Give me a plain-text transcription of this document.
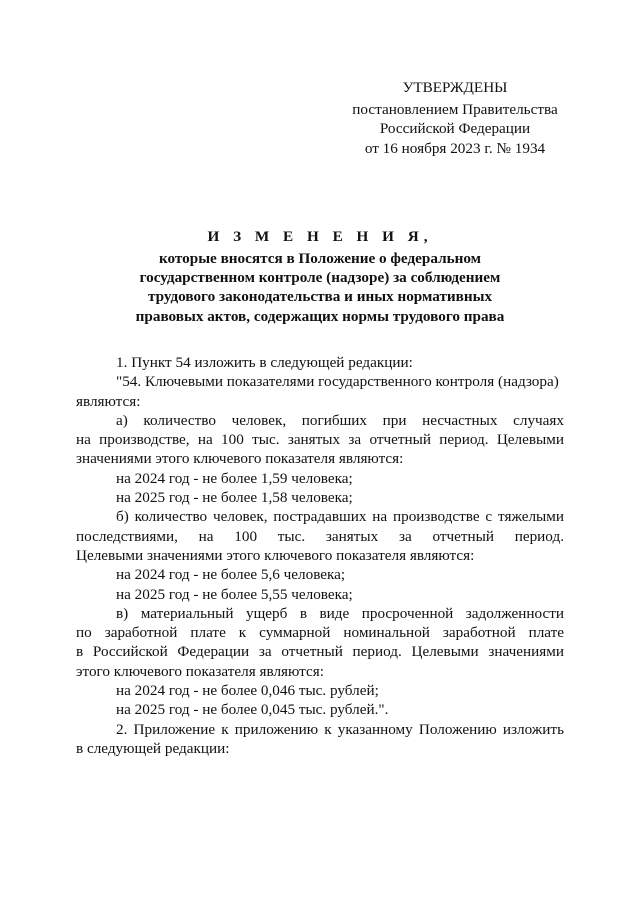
УТВЕРЖДЕНЫ
постановлением Правительства
Российской Федерации
от 16 ноября 2023 г. № 1934
И З М Е Н Е Н И Я,
которые вносятся в Положение о федеральном
государственном контроле (надзоре) за соблюдением
трудового законодательства и иных нормативных
правовых актов, содержащих нормы трудового права
1. Пункт 54 изложить в следующей редакции:
"54. Ключевыми показателями государственного контроля (надзора)
являются:
а) количество человек, погибших при несчастных случаях
на производстве, на 100 тыс. занятых за отчетный период. Целевыми
значениями этого ключевого показателя являются:
на 2024 год - не более 1,59 человека;
на 2025 год - не более 1,58 человека;
б) количество человек, пострадавших на производстве с тяжелыми
последствиями, на 100 тыс. занятых за отчетный период.
Целевыми значениями этого ключевого показателя являются:
на 2024 год - не более 5,6 человека;
на 2025 год - не более 5,55 человека;
в) материальный ущерб в виде просроченной задолженности
по заработной плате к суммарной номинальной заработной плате
в Российской Федерации за отчетный период. Целевыми значениями
этого ключевого показателя являются:
на 2024 год - не более 0,046 тыс. рублей;
на 2025 год - не более 0,045 тыс. рублей.".
2. Приложение к приложению к указанному Положению изложить
в следующей редакции:
